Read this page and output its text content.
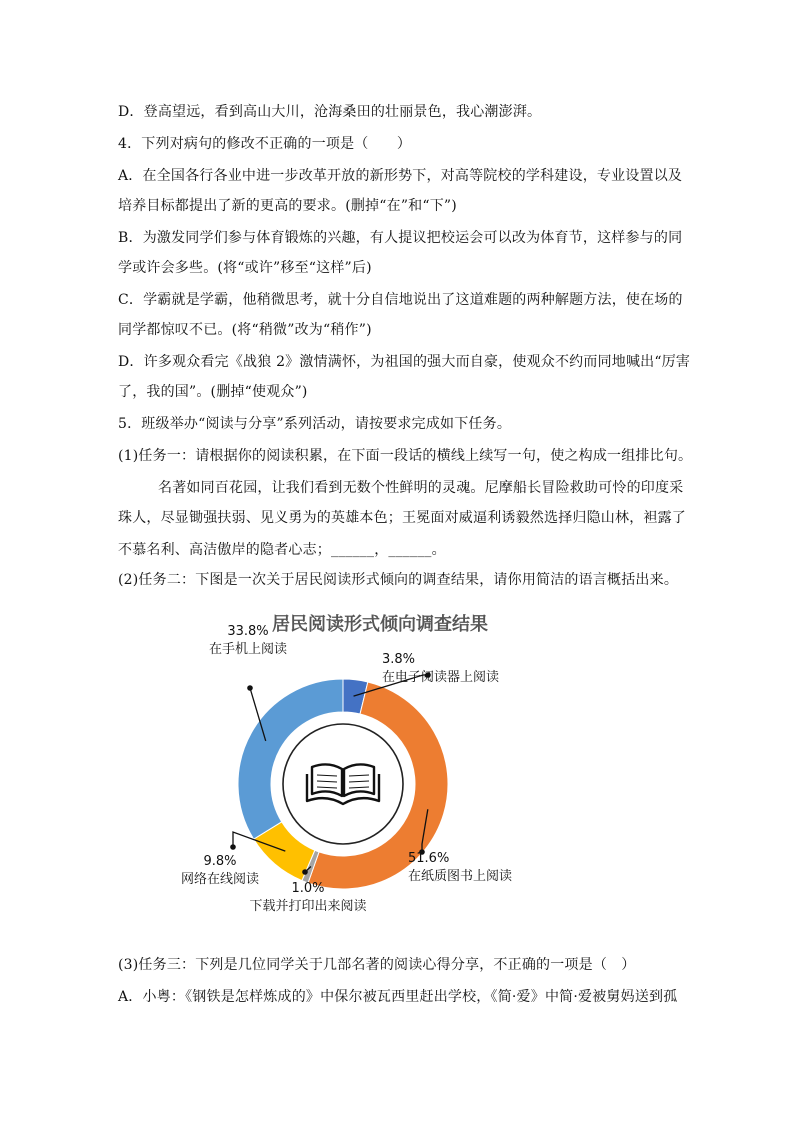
D．登高望远，看到高山大川，沧海桑田的壮丽景色，我心潮澎湃。
4．下列对病句的修改不正确的一项是（　　）
A．在全国各行各业中进一步改革开放的新形势下，对高等院校的学科建设，专业设置以及
培养目标都提出了新的更高的要求。(删掉“在”和“下”)
B．为激发同学们参与体育锻炼的兴趣，有人提议把校运会可以改为体育节，这样参与的同
学或许会多些。(将“或许”移至“这样”后)
C．学霸就是学霸，他稍微思考，就十分自信地说出了这道难题的两种解题方法，使在场的
同学都惊叹不已。(将“稍微”改为“稍作”)
D．许多观众看完《战狼 2》激情满怀，为祖国的强大而自豪，使观众不约而同地喊出“厉害
了，我的国”。(删掉“使观众”)
5．班级举办“阅读与分享”系列活动，请按要求完成如下任务。
(1)任务一：请根据你的阅读积累，在下面一段话的横线上续写一句，使之构成一组排比句。
名著如同百花园，让我们看到无数个性鲜明的灵魂。尼摩船长冒险救助可怜的印度采
珠人，尽显锄强扶弱、见义勇为的英雄本色；王冕面对威逼利诱毅然选择归隐山林，袒露了
不慕名利、高洁傲岸的隐者心志；______，______。
(2)任务二：下图是一次关于居民阅读形式倾向的调查结果，请你用简洁的语言概括出来。
居民阅读形式倾向调查结果
3.8%
在电子阅读器上阅读
51.6%
在纸质图书上阅读
1.0%
下载并打印出来阅读
9.8%
网络在线阅读
33.8%
在手机上阅读
(3)任务三：下列是几位同学关于几部名著的阅读心得分享，不正确的一项是（　）
A．小粤：《钢铁是怎样炼成的》中保尔被瓦西里赶出学校，《简·爱》中简·爱被舅妈送到孤
